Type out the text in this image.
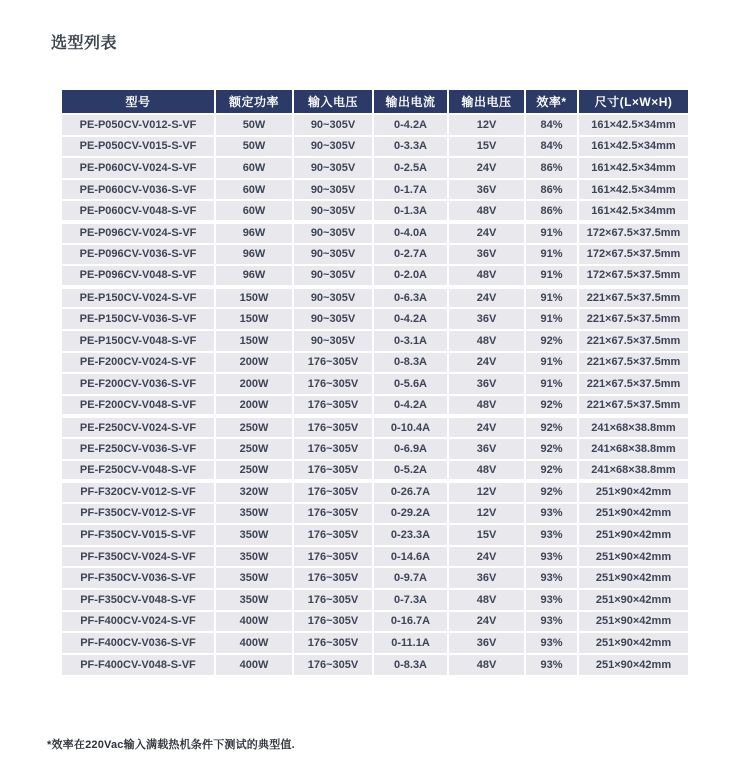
选型列表
型号	额定功率	输入电压	输出电流	输出电压	效率*	尺寸(L×W×H)
PE-P050CV-V012-S-VF	50W	90~305V	0-4.2A	12V	84%	161×42.5×34mm
PE-P050CV-V015-S-VF	50W	90~305V	0-3.3A	15V	84%	161×42.5×34mm
PE-P060CV-V024-S-VF	60W	90~305V	0-2.5A	24V	86%	161×42.5×34mm
PE-P060CV-V036-S-VF	60W	90~305V	0-1.7A	36V	86%	161×42.5×34mm
PE-P060CV-V048-S-VF	60W	90~305V	0-1.3A	48V	86%	161×42.5×34mm
PE-P096CV-V024-S-VF	96W	90~305V	0-4.0A	24V	91%	172×67.5×37.5mm
PE-P096CV-V036-S-VF	96W	90~305V	0-2.7A	36V	91%	172×67.5×37.5mm
PE-P096CV-V048-S-VF	96W	90~305V	0-2.0A	48V	91%	172×67.5×37.5mm
PE-P150CV-V024-S-VF	150W	90~305V	0-6.3A	24V	91%	221×67.5×37.5mm
PE-P150CV-V036-S-VF	150W	90~305V	0-4.2A	36V	91%	221×67.5×37.5mm
PE-P150CV-V048-S-VF	150W	90~305V	0-3.1A	48V	92%	221×67.5×37.5mm
PE-F200CV-V024-S-VF	200W	176~305V	0-8.3A	24V	91%	221×67.5×37.5mm
PE-F200CV-V036-S-VF	200W	176~305V	0-5.6A	36V	91%	221×67.5×37.5mm
PE-F200CV-V048-S-VF	200W	176~305V	0-4.2A	48V	92%	221×67.5×37.5mm
PE-F250CV-V024-S-VF	250W	176~305V	0-10.4A	24V	92%	241×68×38.8mm
PE-F250CV-V036-S-VF	250W	176~305V	0-6.9A	36V	92%	241×68×38.8mm
PE-F250CV-V048-S-VF	250W	176~305V	0-5.2A	48V	92%	241×68×38.8mm
PF-F320CV-V012-S-VF	320W	176~305V	0-26.7A	12V	92%	251×90×42mm
PF-F350CV-V012-S-VF	350W	176~305V	0-29.2A	12V	93%	251×90×42mm
PF-F350CV-V015-S-VF	350W	176~305V	0-23.3A	15V	93%	251×90×42mm
PF-F350CV-V024-S-VF	350W	176~305V	0-14.6A	24V	93%	251×90×42mm
PF-F350CV-V036-S-VF	350W	176~305V	0-9.7A	36V	93%	251×90×42mm
PF-F350CV-V048-S-VF	350W	176~305V	0-7.3A	48V	93%	251×90×42mm
PF-F400CV-V024-S-VF	400W	176~305V	0-16.7A	24V	93%	251×90×42mm
PF-F400CV-V036-S-VF	400W	176~305V	0-11.1A	36V	93%	251×90×42mm
PF-F400CV-V048-S-VF	400W	176~305V	0-8.3A	48V	93%	251×90×42mm

*效率在220Vac输入满载热机条件下测试的典型值.
